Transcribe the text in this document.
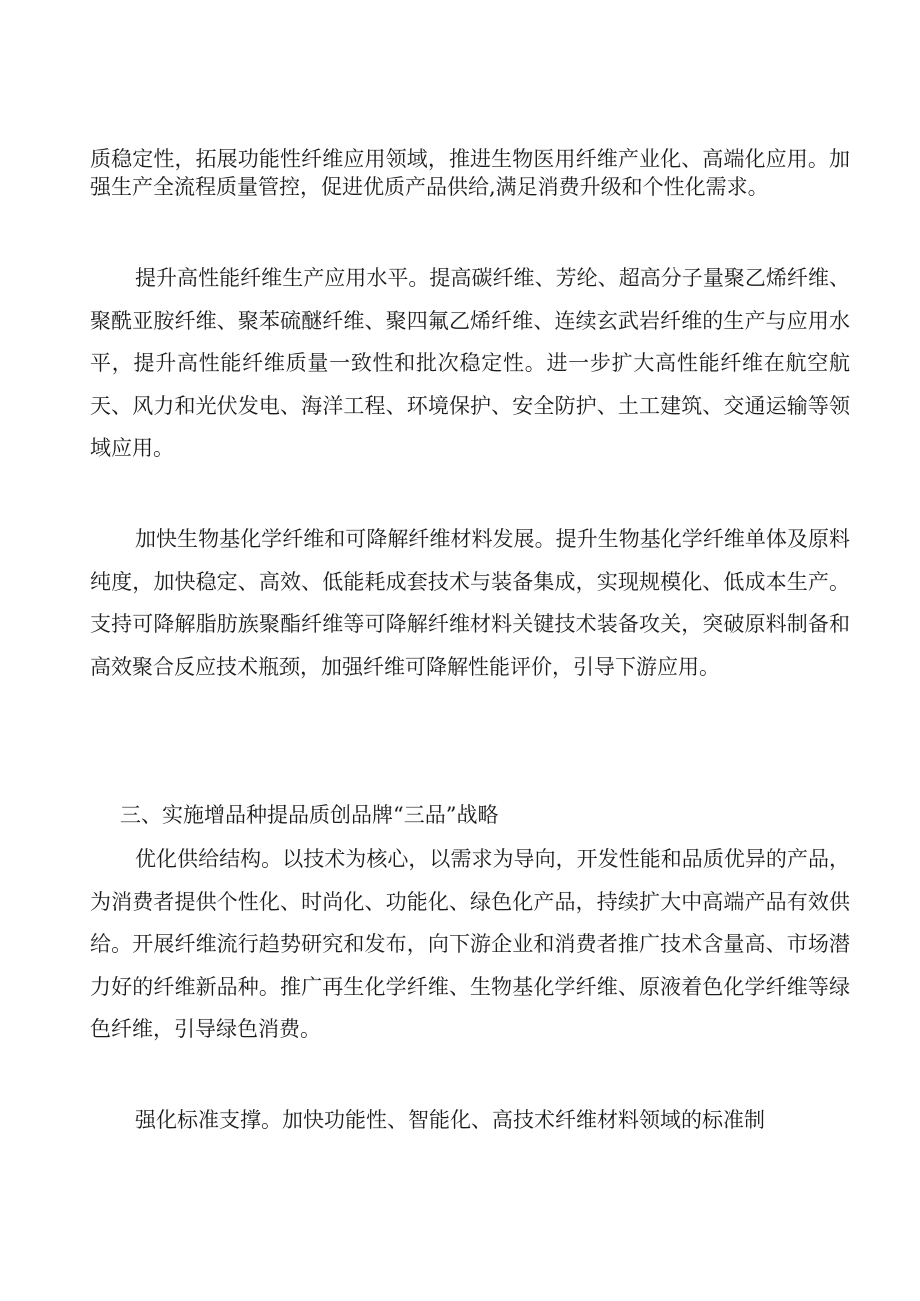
质稳定性，拓展功能性纤维应用领域，推进生物医用纤维产业化、高端化应用。加强生产全流程质量管控，促进优质产品供给,满足消费升级和个性化需求。

提升高性能纤维生产应用水平。提高碳纤维、芳纶、超高分子量聚乙烯纤维、聚酰亚胺纤维、聚苯硫醚纤维、聚四氟乙烯纤维、连续玄武岩纤维的生产与应用水平，提升高性能纤维质量一致性和批次稳定性。进一步扩大高性能纤维在航空航天、风力和光伏发电、海洋工程、环境保护、安全防护、土工建筑、交通运输等领域应用。

加快生物基化学纤维和可降解纤维材料发展。提升生物基化学纤维单体及原料纯度，加快稳定、高效、低能耗成套技术与装备集成，实现规模化、低成本生产。支持可降解脂肪族聚酯纤维等可降解纤维材料关键技术装备攻关，突破原料制备和高效聚合反应技术瓶颈，加强纤维可降解性能评价，引导下游应用。

三、实施增品种提品质创品牌“三品”战略

优化供给结构。以技术为核心，以需求为导向，开发性能和品质优异的产品，为消费者提供个性化、时尚化、功能化、绿色化产品，持续扩大中高端产品有效供给。开展纤维流行趋势研究和发布，向下游企业和消费者推广技术含量高、市场潜力好的纤维新品种。推广再生化学纤维、生物基化学纤维、原液着色化学纤维等绿色纤维，引导绿色消费。

强化标准支撑。加快功能性、智能化、高技术纤维材料领域的标准制
